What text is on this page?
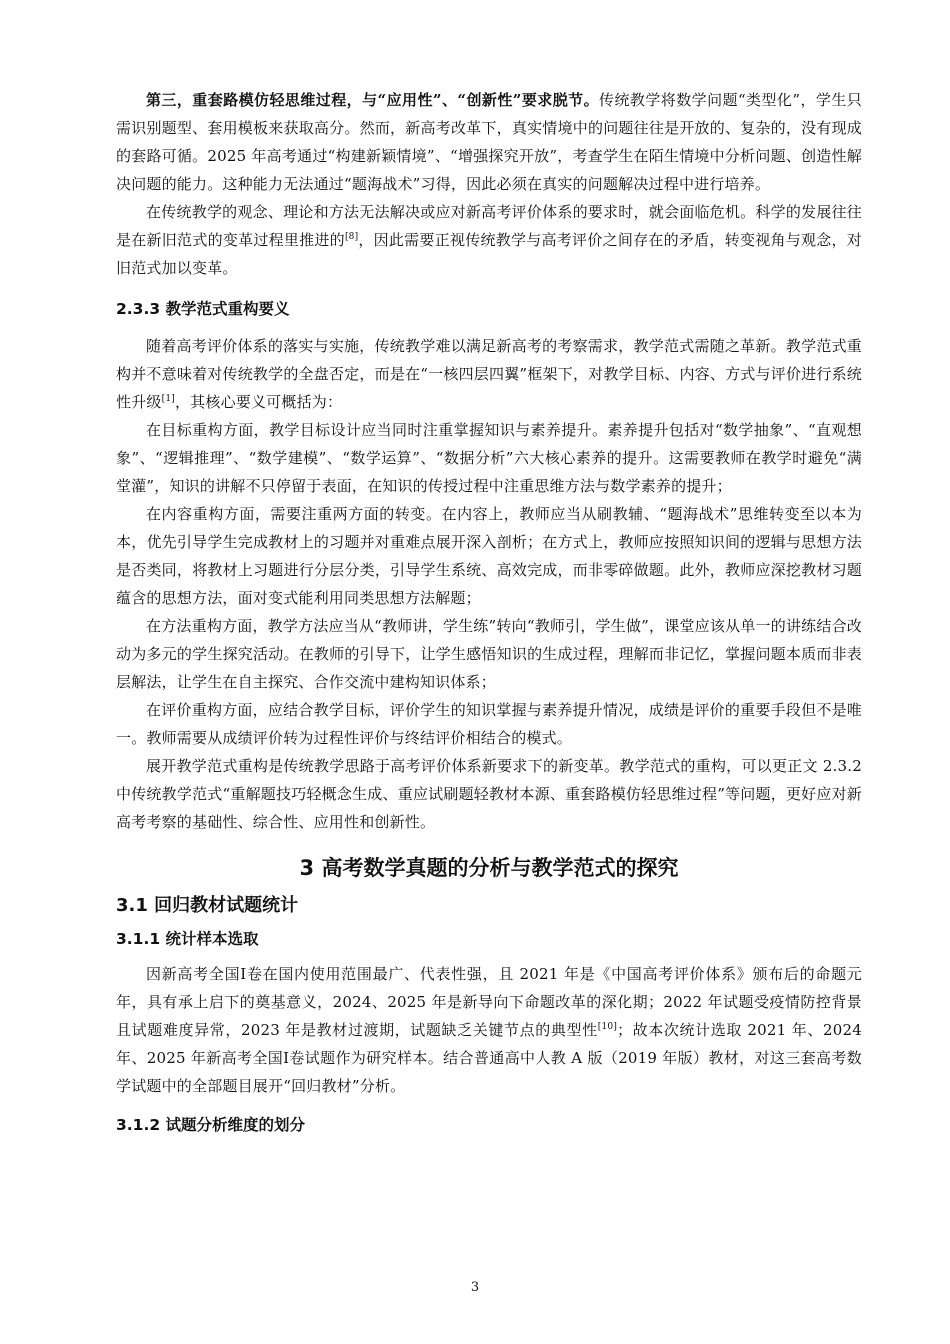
第三，重套路模仿轻思维过程，与“应用性”、“创新性”要求脱节。传统教学将数学问题“类型化”，学生只需识别题型、套用模板来获取高分。然而，新高考改革下，真实情境中的问题往往是开放的、复杂的，没有现成的套路可循。2025 年高考通过“构建新颖情境”、“增强探究开放”，考查学生在陌生情境中分析问题、创造性解决问题的能力。这种能力无法通过“题海战术”习得，因此必须在真实的问题解决过程中进行培养。

在传统教学的观念、理论和方法无法解决或应对新高考评价体系的要求时，就会面临危机。科学的发展往往是在新旧范式的变革过程里推进的[8]，因此需要正视传统教学与高考评价之间存在的矛盾，转变视角与观念，对旧范式加以变革。

2.3.3 教学范式重构要义

随着高考评价体系的落实与实施，传统教学难以满足新高考的考察需求，教学范式需随之革新。教学范式重构并不意味着对传统教学的全盘否定，而是在“一核四层四翼”框架下，对教学目标、内容、方式与评价进行系统性升级[1]，其核心要义可概括为：

在目标重构方面，教学目标设计应当同时注重掌握知识与素养提升。素养提升包括对“数学抽象”、“直观想象”、“逻辑推理”、“数学建模”、“数学运算”、“数据分析”六大核心素养的提升。这需要教师在教学时避免“满堂灌”，知识的讲解不只停留于表面，在知识的传授过程中注重思维方法与数学素养的提升；

在内容重构方面，需要注重两方面的转变。在内容上，教师应当从刷教辅、“题海战术”思维转变至以本为本，优先引导学生完成教材上的习题并对重难点展开深入剖析；在方式上，教师应按照知识间的逻辑与思想方法是否类同，将教材上习题进行分层分类，引导学生系统、高效完成，而非零碎做题。此外，教师应深挖教材习题蕴含的思想方法，面对变式能利用同类思想方法解题；

在方法重构方面，教学方法应当从“教师讲，学生练”转向“教师引，学生做”，课堂应该从单一的讲练结合改动为多元的学生探究活动。在教师的引导下，让学生感悟知识的生成过程，理解而非记忆，掌握问题本质而非表层解法，让学生在自主探究、合作交流中建构知识体系；

在评价重构方面，应结合教学目标，评价学生的知识掌握与素养提升情况，成绩是评价的重要手段但不是唯一。教师需要从成绩评价转为过程性评价与终结评价相结合的模式。

展开教学范式重构是传统教学思路于高考评价体系新要求下的新变革。教学范式的重构，可以更正文 2.3.2 中传统教学范式“重解题技巧轻概念生成、重应试刷题轻教材本源、重套路模仿轻思维过程”等问题，更好应对新高考考察的基础性、综合性、应用性和创新性。

3 高考数学真题的分析与教学范式的探究
3.1 回归教材试题统计
3.1.1 统计样本选取

因新高考全国Ⅰ卷在国内使用范围最广、代表性强，且 2021 年是《中国高考评价体系》颁布后的命题元年，具有承上启下的奠基意义，2024、2025 年是新导向下命题改革的深化期；2022 年试题受疫情防控背景且试题难度异常，2023 年是教材过渡期，试题缺乏关键节点的典型性[10]；故本次统计选取 2021 年、2024 年、2025 年新高考全国Ⅰ卷试题作为研究样本。结合普通高中人教 A 版（2019 年版）教材，对这三套高考数学试题中的全部题目展开“回归教材”分析。

3.1.2 试题分析维度的划分
3
